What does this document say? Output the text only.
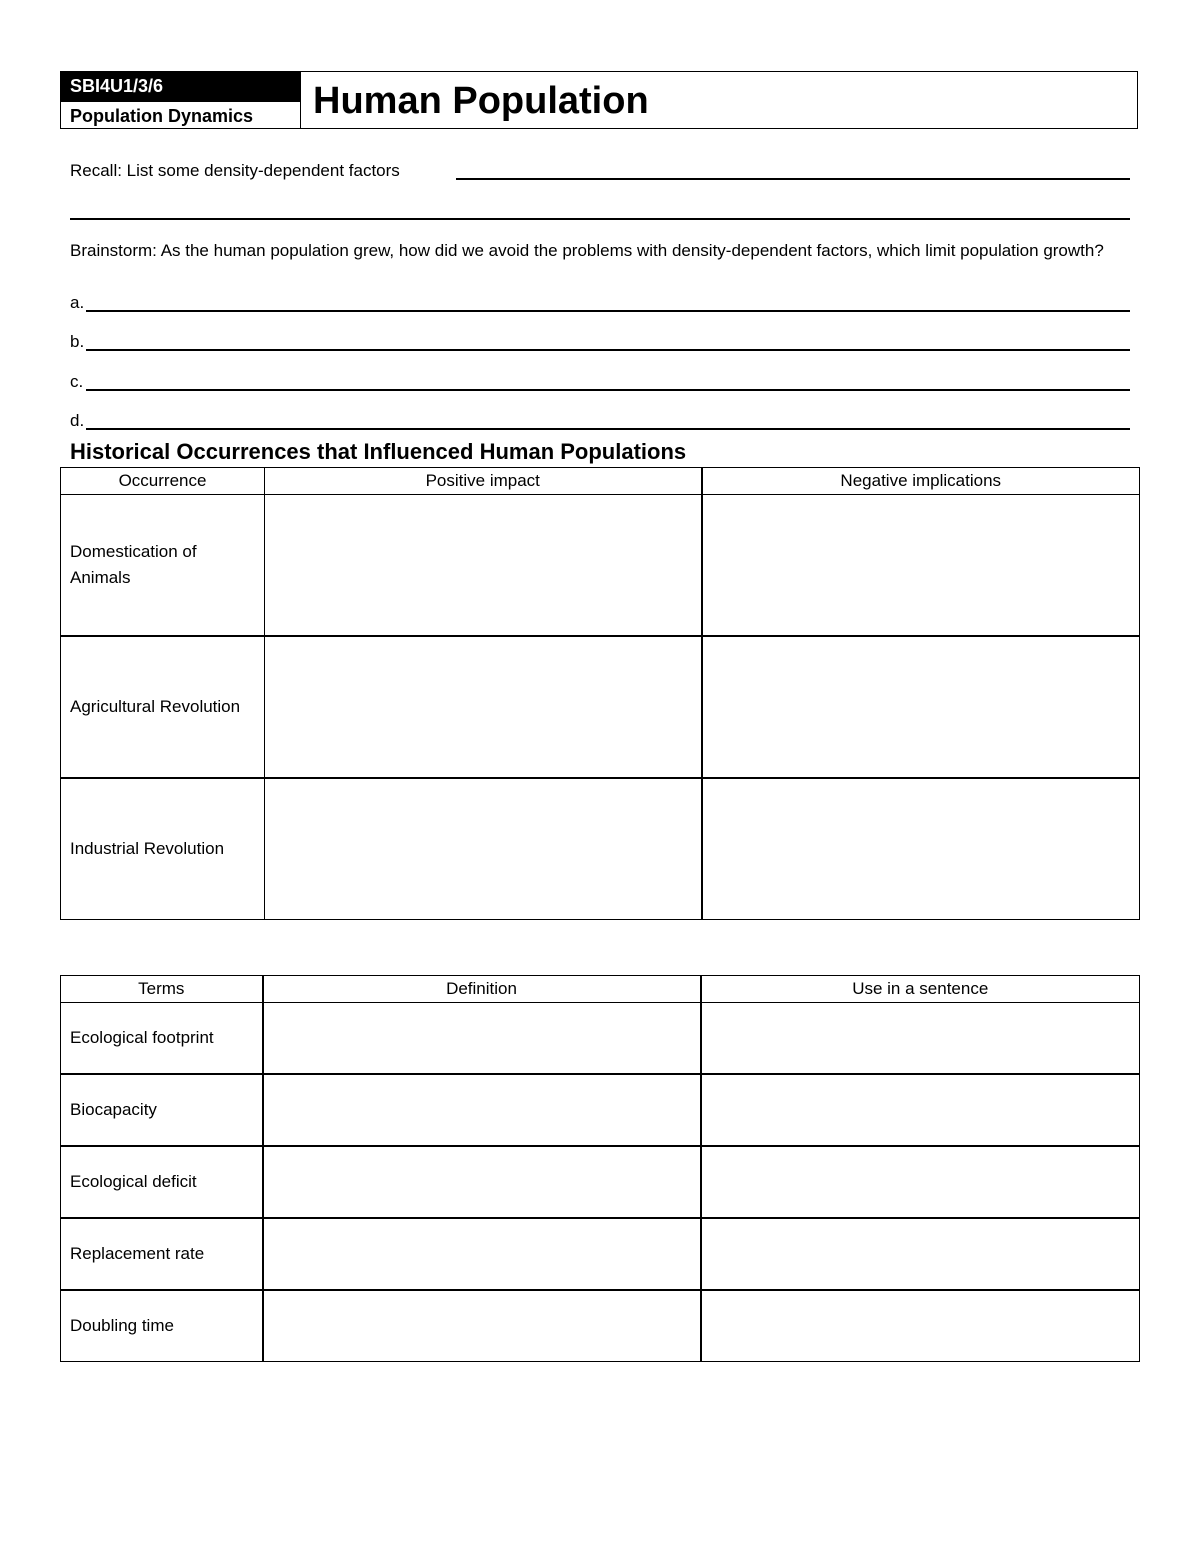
SBI4U1/3/6
Population Dynamics	Human Population
Recall: List some density-dependent factors
Brainstorm: As the human population grew, how did we avoid the problems with density-dependent factors, which limit population growth?
a.
b.
c.
d.
Historical Occurrences that Influenced Human Populations
Occurrence	Positive impact	Negative implications
Domestication of Animals		
Agricultural Revolution		
Industrial Revolution		
Terms	Definition	Use in a sentence
Ecological footprint		
Biocapacity		
Ecological deficit		
Replacement rate		
Doubling time		
